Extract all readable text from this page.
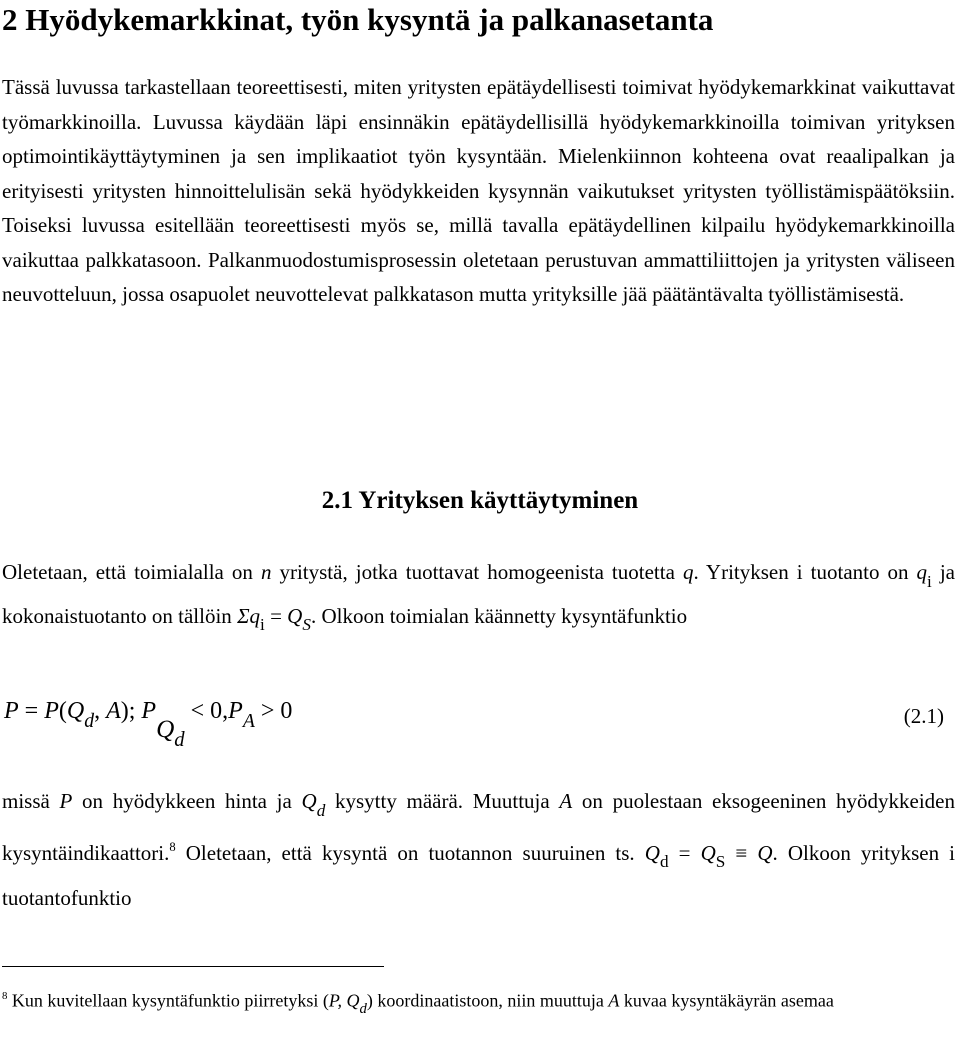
2 Hyödykemarkkinat, työn kysyntä ja palkanasetanta

Tässä luvussa tarkastellaan teoreettisesti, miten yritysten epätäydellisesti toimivat hyödykemarkkinat vaikuttavat työmarkkinoilla. Luvussa käydään läpi ensinnäkin epätäydellisillä hyödykemarkkinoilla toimivan yrityksen optimointikäyttäytyminen ja sen implikaatiot työn kysyntään. Mielenkiinnon kohteena ovat reaalipalkan ja erityisesti yritysten hinnoittelulisän sekä hyödykkeiden kysynnän vaikutukset yritysten työllistämispäätöksiin. Toiseksi luvussa esitellään teoreettisesti myös se, millä tavalla epätäydellinen kilpailu hyödykemarkkinoilla vaikuttaa palkkatasoon. Palkanmuodostumisprosessin oletetaan perustuvan ammattiliittojen ja yritysten väliseen neuvotteluun, jossa osapuolet neuvottelevat palkkatason mutta yrityksille jää päätäntävalta työllistämisestä.

2.1 Yrityksen käyttäytyminen

Oletetaan, että toimialalla on n yritystä, jotka tuottavat homogeenista tuotetta q. Yrityksen i tuotanto on $q_i$ ja kokonaistuotanto on tällöin $\Sigma q_i = Q_S$. Olkoon toimialan käännetty kysyntäfunktio

$P = P(Q_d$, A); $PQ_d < 0,P_A > 0$	(2.1)

missä P on hyödykkeen hinta ja $Q_d$ kysytty määrä. Muuttuja A on puolestaan eksogeeninen hyödykkeiden kysyntäindikaattori.$^8$ Oletetaan, että kysyntä on tuotannon suuruinen ts. $Q_d = Q_S \equiv Q$. Olkoon yrityksen i tuotantofunktio

$^8$ Kun kuvitellaan kysyntäfunktio piirretyksi (P, $Q_d$) koordinaatistoon, niin muuttuja A kuvaa kysyntäkäyrän asemaa
